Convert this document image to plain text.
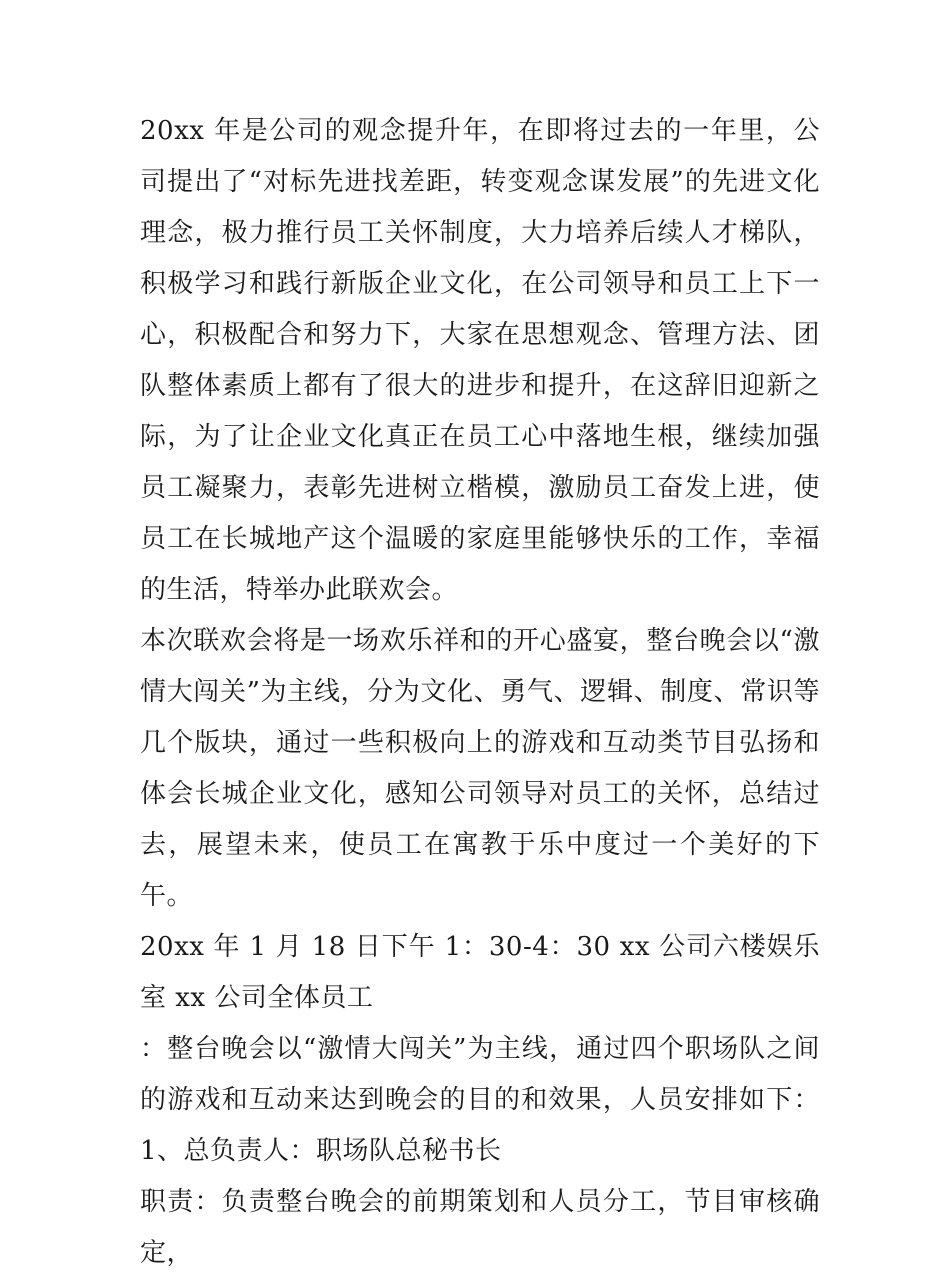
20xx 年是公司的观念提升年，在即将过去的一年里，公司提出了“对标先进找差距，转变观念谋发展”的先进文化理念，极力推行员工关怀制度，大力培养后续人才梯队，积极学习和践行新版企业文化，在公司领导和员工上下一心，积极配合和努力下，大家在思想观念、管理方法、团队整体素质上都有了很大的进步和提升，在这辞旧迎新之际，为了让企业文化真正在员工心中落地生根，继续加强员工凝聚力，表彰先进树立楷模，激励员工奋发上进，使员工在长城地产这个温暖的家庭里能够快乐的工作，幸福的生活，特举办此联欢会。

本次联欢会将是一场欢乐祥和的开心盛宴，整台晚会以“激情大闯关”为主线，分为文化、勇气、逻辑、制度、常识等几个版块，通过一些积极向上的游戏和互动类节目弘扬和体会长城企业文化，感知公司领导对员工的关怀，总结过去，展望未来，使员工在寓教于乐中度过一个美好的下午。

20xx 年 1 月 18 日下午 1：30-4：30 xx 公司六楼娱乐室 xx 公司全体员工

：整台晚会以“激情大闯关”为主线，通过四个职场队之间的游戏和互动来达到晚会的目的和效果，人员安排如下： 1、总负责人：职场队总秘书长

职责：负责整台晚会的前期策划和人员分工，节目审核确定，
